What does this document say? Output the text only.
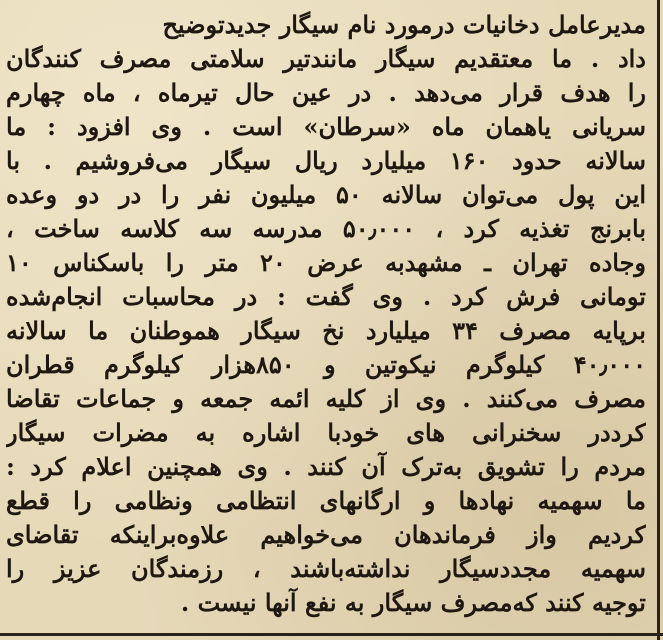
مدیرعامل دخانیات درمورد نام سیگار جدیدتوضیح
داد . ما معتقدیم سیگار مانندتیر سلامتی مصرف کنندگان
را هدف قرار می‌دهد . در عین حال تیرماه ، ماه چهارم
سریانی یاهمان ماه «سرطان» است . وی افزود : ما
سالانه حدود ۱۶۰ میلیارد ریال سیگار می‌فروشیم . با
این پول می‌توان سالانه ۵۰ میلیون نفر را در دو وعده
بابرنج تغذیه کرد ، ۵۰٫۰۰۰ مدرسه سه کلاسه ساخت ،
وجاده تهران ـ مشهدبه عرض ۲۰ متر را باسکناس ۱۰
تومانی فرش کرد . وی گفت : در محاسبات انجام‌شده
برپایه مصرف ۳۴ میلیارد نخ سیگار هموطنان ما سالانه
۴۰٫۰۰۰ کیلوگرم نیکوتین و ۸۵۰هزار کیلوگرم قطران
مصرف می‌کنند . وی از کلیه ائمه جمعه و جماعات تقاضا
کرددر سخنرانی های خودبا اشاره به مضرات سیگار
مردم را تشویق به‌ترک آن کنند . وی همچنین اعلام کرد :
ما سهمیه نهادها و ارگانهای انتظامی ونظامی را قطع
کردیم واز فرماندهان می‌خواهیم علاوه‌براینکه تقاضای
سهمیه مجددسیگار نداشته‌باشند ، رزمندگان عزیز را
توجیه کنند که‌مصرف سیگار به نفع آنها نیست .
